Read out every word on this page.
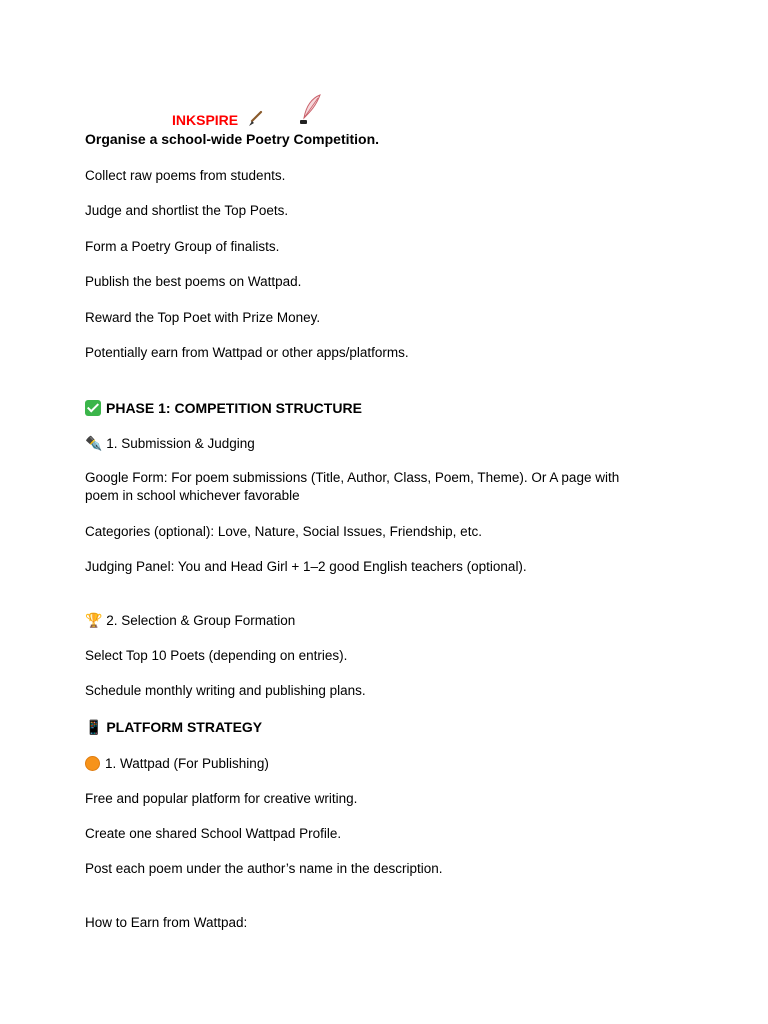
INKSPIRE

Organise a school-wide Poetry Competition.

Collect raw poems from students.

Judge and shortlist the Top Poets.

Form a Poetry Group of finalists.

Publish the best poems on Wattpad.

Reward the Top Poet with Prize Money.

Potentially earn from Wattpad or other apps/platforms.

PHASE 1: COMPETITION STRUCTURE

✒️ 1. Submission & Judging

Google Form: For poem submissions (Title, Author, Class, Poem, Theme). Or A page with poem in school whichever favorable

Categories (optional): Love, Nature, Social Issues, Friendship, etc.

Judging Panel: You and Head Girl + 1–2 good English teachers (optional).

🏆 2. Selection & Group Formation

Select Top 10 Poets (depending on entries).

Schedule monthly writing and publishing plans.

📱 PLATFORM STRATEGY

1. Wattpad (For Publishing)

Free and popular platform for creative writing.

Create one shared School Wattpad Profile.

Post each poem under the author’s name in the description.

How to Earn from Wattpad:
